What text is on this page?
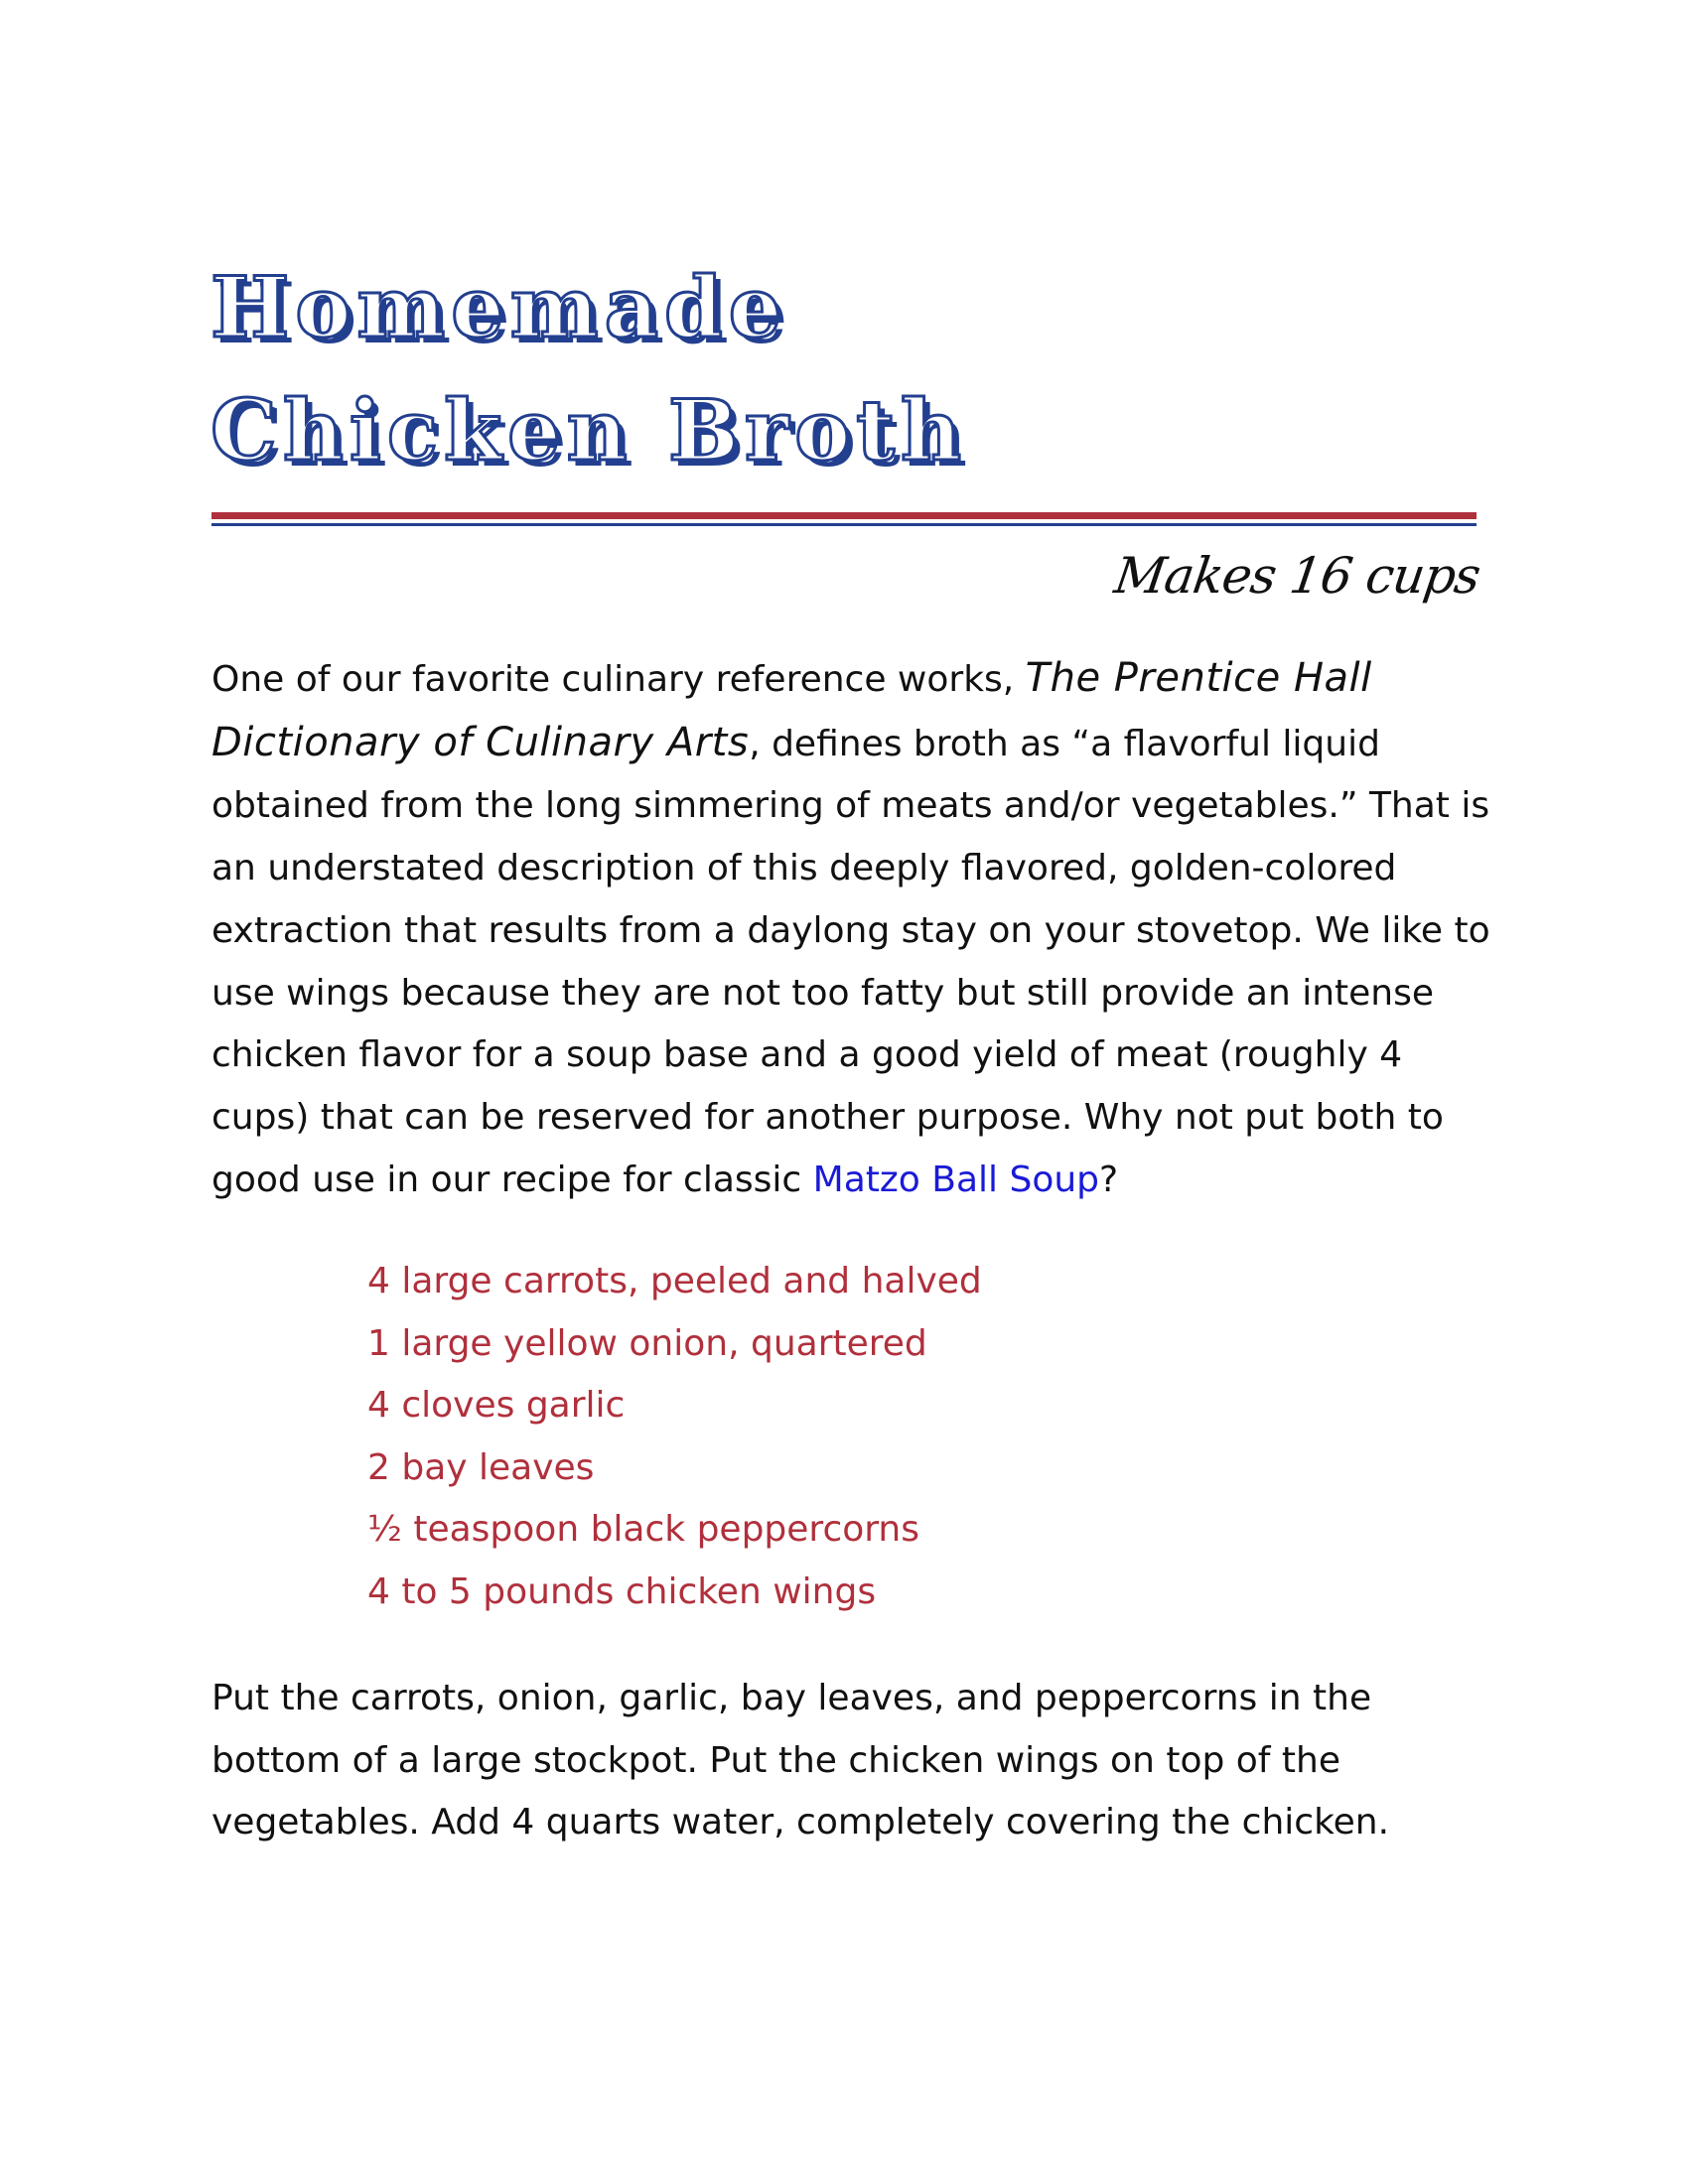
Homemade
Chicken Broth
Makes 16 cups

One of our favorite culinary reference works, The Prentice Hall Dictionary of Culinary Arts, defines broth as “a flavorful liquid obtained from the long simmering of meats and/or vegetables.” That is an understated description of this deeply flavored, golden-colored extraction that results from a daylong stay on your stovetop. We like to use wings because they are not too fatty but still provide an intense chicken flavor for a soup base and a good yield of meat (roughly 4 cups) that can be reserved for another purpose. Why not put both to good use in our recipe for classic Matzo Ball Soup?

4 large carrots, peeled and halved
1 large yellow onion, quartered
4 cloves garlic
2 bay leaves
½ teaspoon black peppercorns
4 to 5 pounds chicken wings

Put the carrots, onion, garlic, bay leaves, and peppercorns in the bottom of a large stockpot. Put the chicken wings on top of the vegetables. Add 4 quarts water, completely covering the chicken.
